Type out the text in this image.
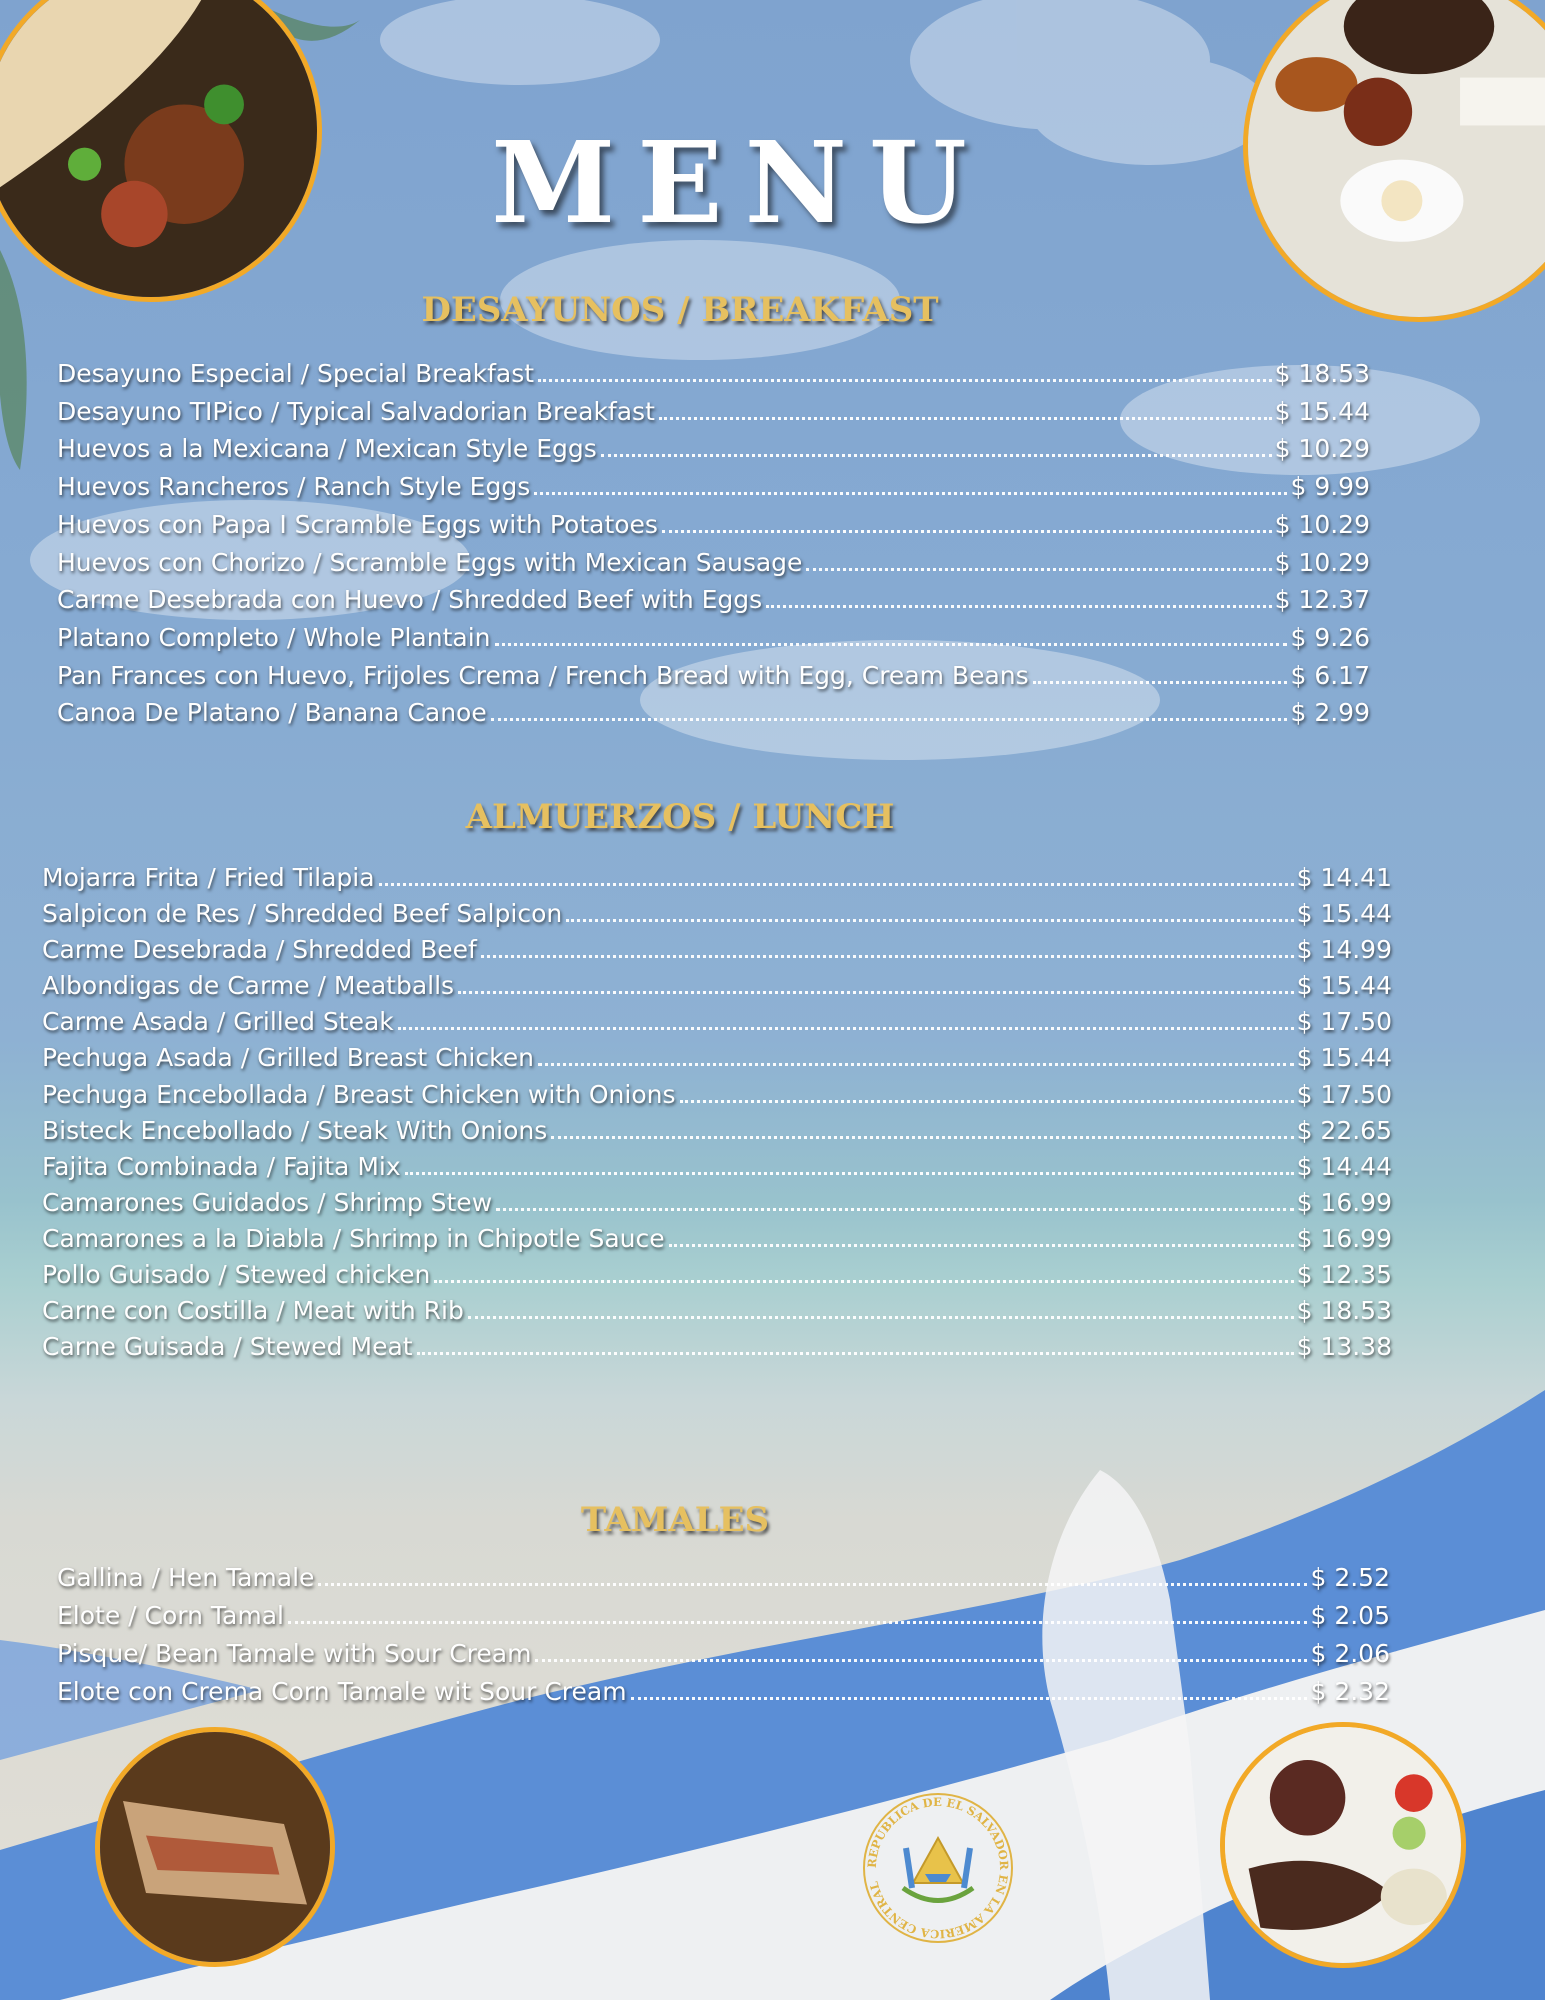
MENU
DESAYUNOS / BREAKFAST
Desayuno Especial / Special Breakfast	$ 18.53
Desayuno TIPico / Typical Salvadorian Breakfast	$ 15.44
Huevos a la Mexicana / Mexican Style Eggs	$ 10.29
Huevos Rancheros / Ranch Style Eggs	$ 9.99
Huevos con Papa I Scramble Eggs with Potatoes	$ 10.29
Huevos con Chorizo / Scramble Eggs with Mexican Sausage	$ 10.29
Carme Desebrada con Huevo / Shredded Beef with Eggs	$ 12.37
Platano Completo / Whole Plantain	$ 9.26
Pan Frances con Huevo, Frijoles Crema / French Bread with Egg, Cream Beans	$ 6.17
Canoa De Platano / Banana Canoe	$ 2.99
ALMUERZOS / LUNCH
Mojarra Frita / Fried Tilapia	$ 14.41
Salpicon de Res / Shredded Beef Salpicon	$ 15.44
Carme Desebrada / Shredded Beef	$ 14.99
Albondigas de Carme / Meatballs	$ 15.44
Carme Asada / Grilled Steak	$ 17.50
Pechuga Asada / Grilled Breast Chicken	$ 15.44
Pechuga Encebollada / Breast Chicken with Onions	$ 17.50
Bisteck Encebollado / Steak With Onions	$ 22.65
Fajita Combinada / Fajita Mix	$ 14.44
Camarones Guidados / Shrimp Stew	$ 16.99
Camarones a la Diabla / Shrimp in Chipotle Sauce	$ 16.99
Pollo Guisado / Stewed chicken	$ 12.35
Carne con Costilla / Meat with Rib	$ 18.53
Carne Guisada / Stewed Meat	$ 13.38
TAMALES
Gallina / Hen Tamale	$ 2.52
Elote / Corn Tamal	$ 2.05
Pisque/ Bean Tamale with Sour Cream	$ 2.06
Elote con Crema Corn Tamale wit Sour Cream	$ 2.32
REPUBLICA DE EL SALVADOR EN LA AMERICA CENTRAL
